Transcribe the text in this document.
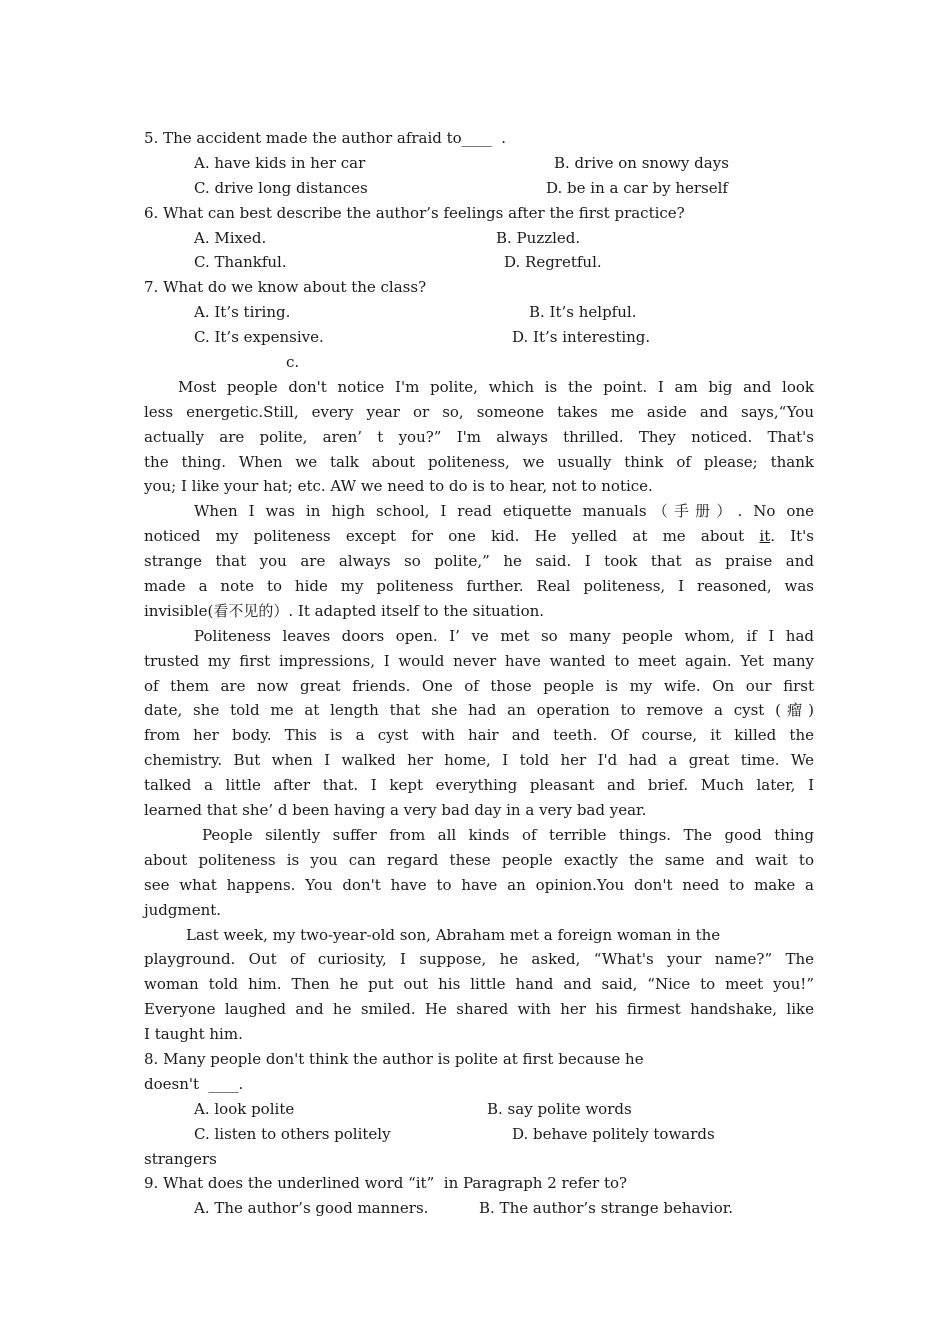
5. The accident made the author afraid to____  .

A. have kids in her car

	B. drive on snowy days

C. drive long distances

	D. be in a car by herself

6. What can best describe the author’s feelings after the first practice?

A. Mixed.

	B. Puzzled.

C. Thankful.

	D. Regretful.

7. What do we know about the class?

A. It’s tiring.

	B. It’s helpful.

C. It’s expensive.

	D. It’s interesting.

c.

Most people don't notice I'm polite, which is the point. I am big and look
less energetic.Still, every year or so, someone takes me aside and says,“You
actually are polite, aren’ t you?” I'm always thrilled. They noticed. That's
the thing. When we talk about politeness, we usually think of please; thank
you; I like your hat; etc. AW we need to do is to hear, not to notice.
When I was in high school, I read etiquette manuals（手册）. No one
noticed my politeness except for one kid. He yelled at me about it. It's
strange that you are always so polite,” he said. I took that as praise and
made a note to hide my politeness further. Real politeness, I reasoned, was
invisible(看不见的）. It adapted itself to the situation.
Politeness leaves doors open. I’ ve met so many people whom, if I had
trusted my first impressions, I would never have wanted to meet again. Yet many
of them are now great friends. One of those people is my wife. On our first
date, she told me at length that she had an operation to remove a cyst (瘤)
from her body. This is a cyst with hair and teeth. Of course, it killed the
chemistry. But when I walked her home, I told her I'd had a great time. We
talked a little after that. I kept everything pleasant and brief. Much later, I
learned that she’ d been having a very bad day in a very bad year.
People silently suffer from all kinds of terrible things. The good thing
about politeness is you can regard these people exactly the same and wait to
see what happens. You don't have to have an opinion.You don't need to make a
judgment.
Last week, my two-year-old son, Abraham met a foreign woman in the
playground. Out of curiosity, I suppose, he asked, “What's your name?” The
woman told him. Then he put out his little hand and said, “Nice to meet you!”
Everyone laughed and he smiled. He shared with her his firmest handshake, like
I taught him.
8. Many people don't think the author is polite at first because he
doesn't  ____.

A. look polite

	B. say polite words

C. listen to others politely

	D. behave politely towards

strangers
9. What does the underlined word “it”  in Paragraph 2 refer to?

A. The author’s good manners.

	B. The author’s strange behavior.
